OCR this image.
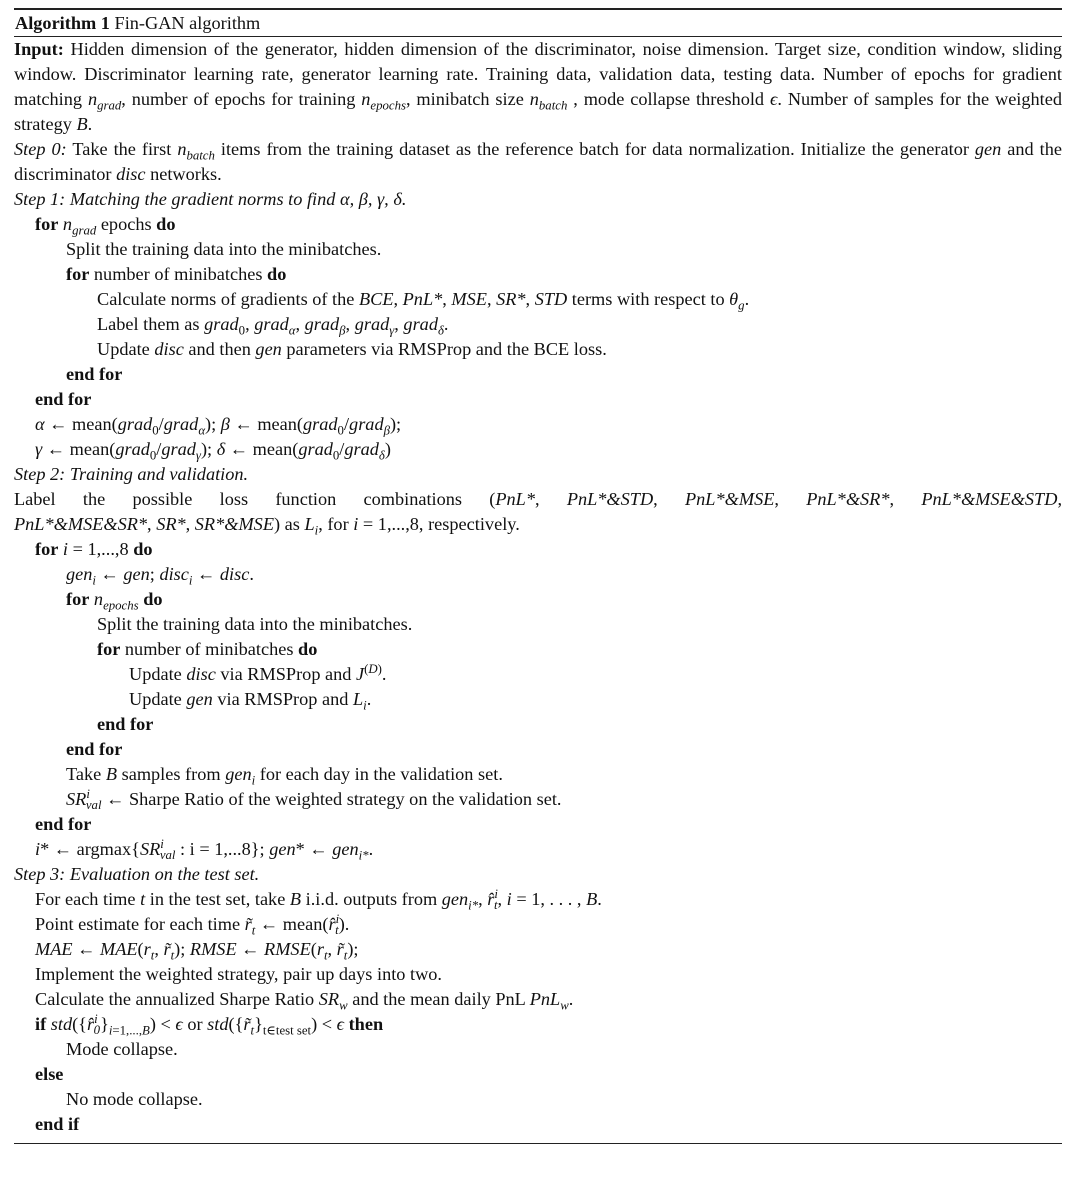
Algorithm 1 Fin-GAN algorithm
Input: Hidden dimension of the generator, hidden dimension of the discriminator, noise dimension. Target size, condition window, sliding window. Discriminator learning rate, generator learning rate. Training data, validation data, testing data. Number of epochs for gradient matching $n_{grad}$, number of epochs for training $n_{epochs}$, minibatch size $n_{batch}$ , mode collapse threshold ϵ. Number of samples for the weighted strategy B.
Step 0: Take the first $n_{batch}$ items from the training dataset as the reference batch for data normalization. Initialize the generator gen and the discriminator disc networks.
Step 1: Matching the gradient norms to find α, β, γ, δ.
for $n_{grad}$ epochs do
Split the training data into the minibatches.
for number of minibatches do
Calculate norms of gradients of the BCE, PnL*, MSE, SR*, STD terms with respect to $\theta_g$.
Label them as grad$_0$, grad$_\alpha$, grad$_\beta$, grad$_\gamma$, grad$_\delta$.
Update disc and then gen parameters via RMSProp and the BCE loss.
end for
end for
α ← mean(grad$_0$/grad$_\alpha$); β ← mean(grad$_0$/grad$_\beta$);
γ ← mean(grad$_0$/grad$_\gamma$); δ ← mean(grad$_0$/grad$_\delta$)
Step 2: Training and validation.
Label the possible loss function combinations (PnL*, PnL*&STD, PnL*&MSE, PnL*&SR*, PnL*&MSE&STD,
PnL*&MSE&SR*, SR*, SR*&MSE) as $L_i$, for i = 1,...,8, respectively.
for i = 1,...,8 do
gen$_i$ ← gen; disc$_i$ ← disc.
for $n_{epochs}$ do
Split the training data into the minibatches.
for number of minibatches do
Update disc via RMSProp and $J^{(D)}$.
Update gen via RMSProp and $L_i$.
end for
end for
Take B samples from gen$_i$ for each day in the validation set.
$SR^i_{val}$ ← Sharpe Ratio of the weighted strategy on the validation set.
end for
i* ← $argmax\{SR^i_{val}$ : i = 1,...8}; gen* ← gen$_{i*}$.
Step 3: Evaluation on the test set.
For each time t in the test set, take B i.i.d. outputs from gen$_{i*}$, r̂$^i_t$, i = 1, . . . , B.
Point estimate for each time $r̃_t$ ← mean(r̂$^i_t$).
MAE ← $MAE(r_t$, $r̃_t$); RMSE ← $RMSE(r_t$, $r̃_t$);
Implement the weighted strategy, pair up days into two.
Calculate the annualized Sharpe Ratio $SR_w$ and the mean daily PnL PnL$_w$.
if $std(\{r̂^i_0\}_{i=1,...,B}) < \epsilon$ or $std(\{r̃_t\}_{t\in test set}) < \epsilon$ then
Mode collapse.
else
No mode collapse.
end if
